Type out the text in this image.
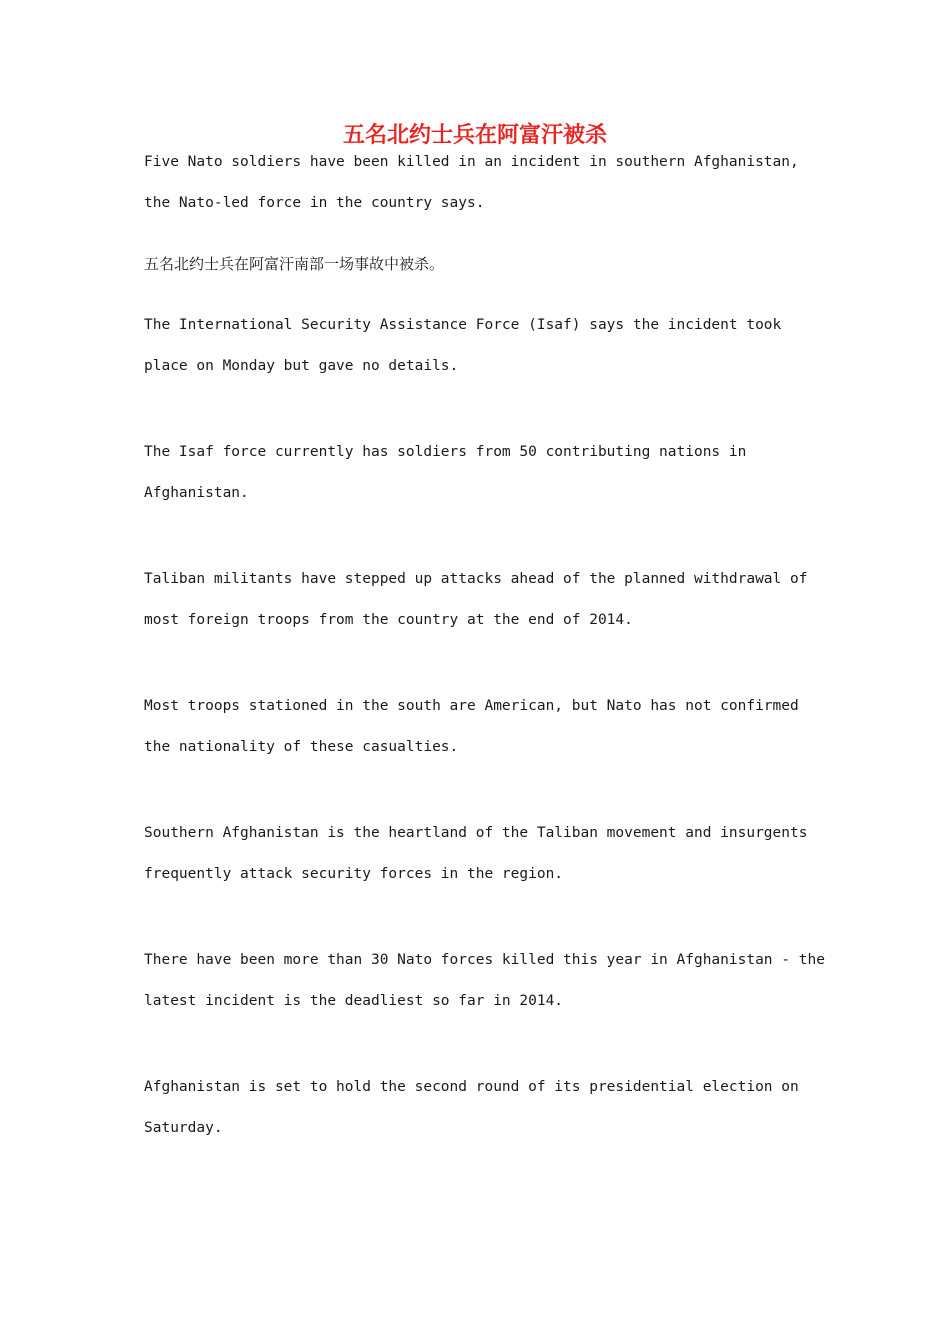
五名北约士兵在阿富汗被杀
Five Nato soldiers have been killed in an incident in southern Afghanistan,
the Nato-led force in the country says.
五名北约士兵在阿富汗南部一场事故中被杀。
The International Security Assistance Force (Isaf) says the incident took
place on Monday but gave no details.
The Isaf force currently has soldiers from 50 contributing nations in
Afghanistan.
Taliban militants have stepped up attacks ahead of the planned withdrawal of
most foreign troops from the country at the end of 2014.
Most troops stationed in the south are American, but Nato has not confirmed
the nationality of these casualties.
Southern Afghanistan is the heartland of the Taliban movement and insurgents
frequently attack security forces in the region.
There have been more than 30 Nato forces killed this year in Afghanistan - the
latest incident is the deadliest so far in 2014.
Afghanistan is set to hold the second round of its presidential election on
Saturday.
